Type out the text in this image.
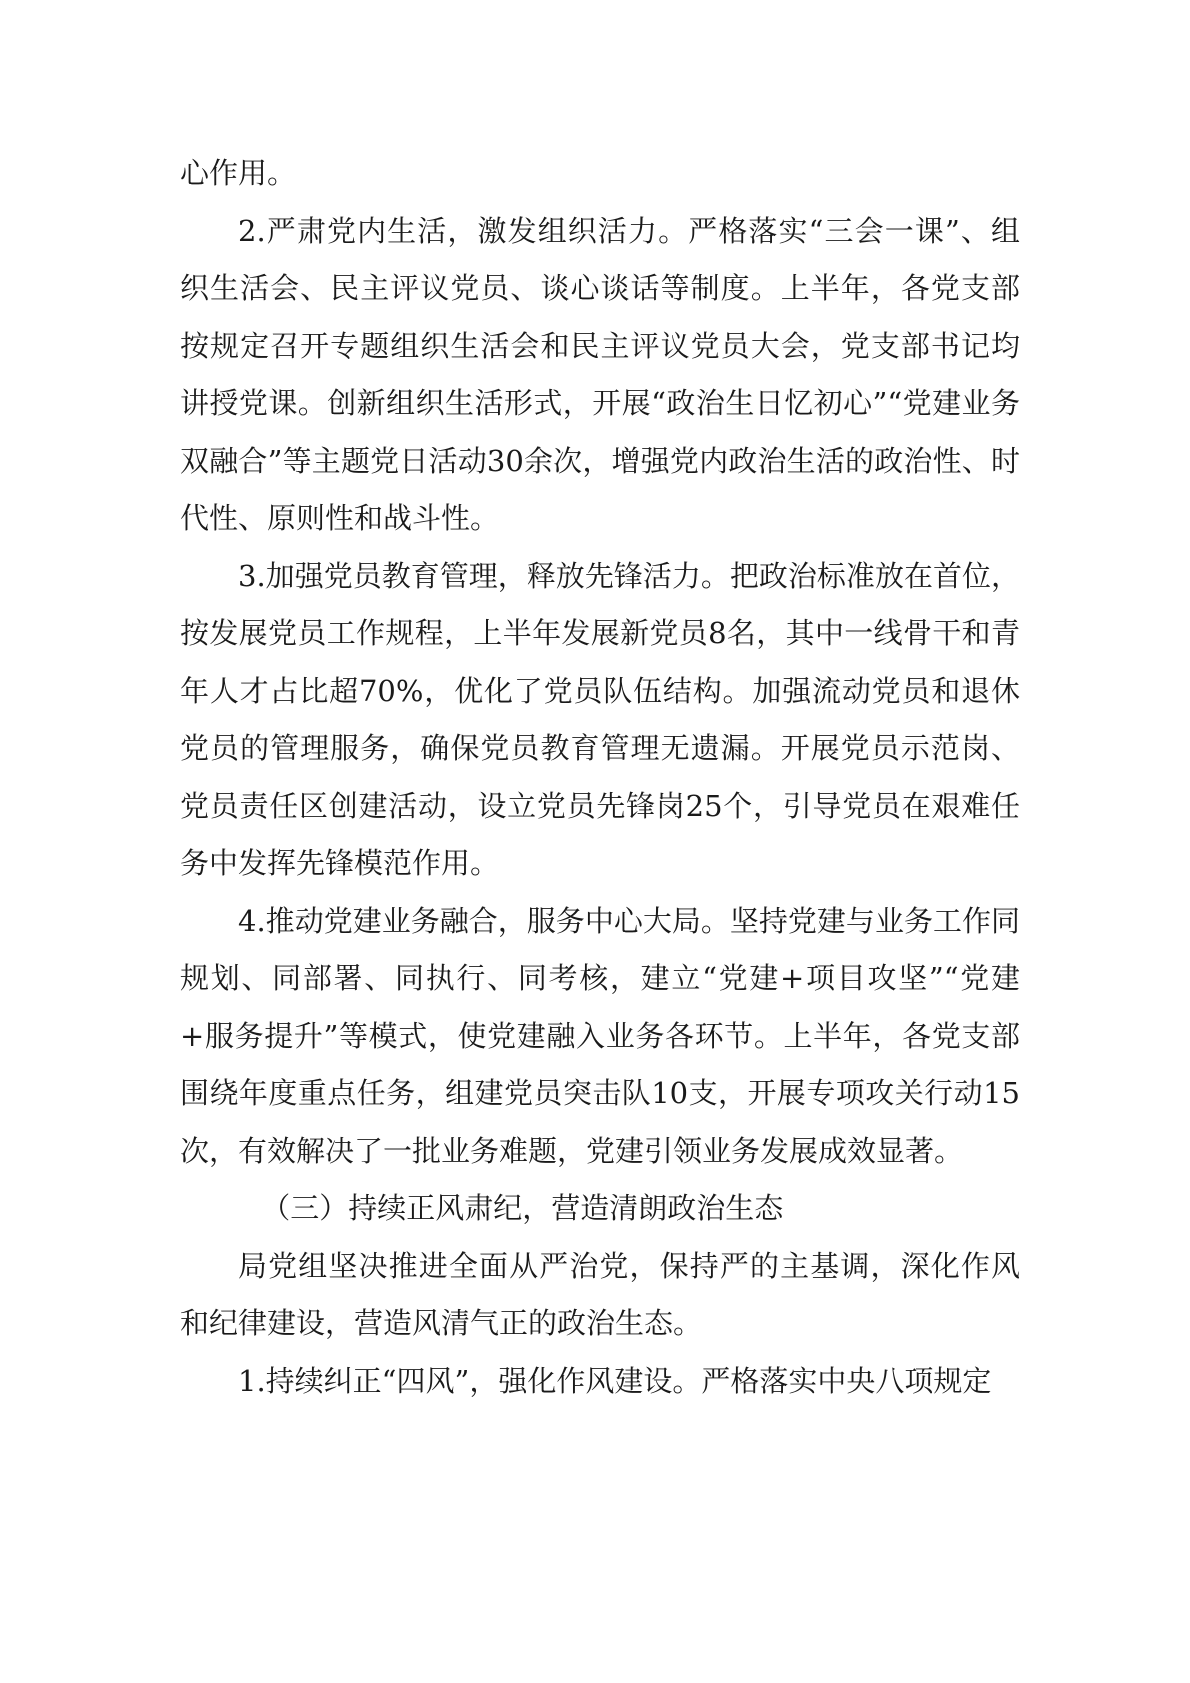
心作用。

2.严肃党内生活，激发组织活力。严格落实“三会一课”、组织生活会、民主评议党员、谈心谈话等制度。上半年，各党支部按规定召开专题组织生活会和民主评议党员大会，党支部书记均讲授党课。创新组织生活形式，开展“政治生日忆初心”“党建业务双融合”等主题党日活动30余次，增强党内政治生活的政治性、时代性、原则性和战斗性。

3.加强党员教育管理，释放先锋活力。把政治标准放在首位，按发展党员工作规程，上半年发展新党员8名，其中一线骨干和青年人才占比超70%，优化了党员队伍结构。加强流动党员和退休党员的管理服务，确保党员教育管理无遗漏。开展党员示范岗、党员责任区创建活动，设立党员先锋岗25个，引导党员在艰难任务中发挥先锋模范作用。

4.推动党建业务融合，服务中心大局。坚持党建与业务工作同规划、同部署、同执行、同考核，建立“党建+项目攻坚”“党建+服务提升”等模式，使党建融入业务各环节。上半年，各党支部围绕年度重点任务，组建党员突击队10支，开展专项攻关行动15次，有效解决了一批业务难题，党建引领业务发展成效显著。

（三）持续正风肃纪，营造清朗政治生态

局党组坚决推进全面从严治党，保持严的主基调，深化作风和纪律建设，营造风清气正的政治生态。

1.持续纠正“四风”，强化作风建设。严格落实中央八项规定
